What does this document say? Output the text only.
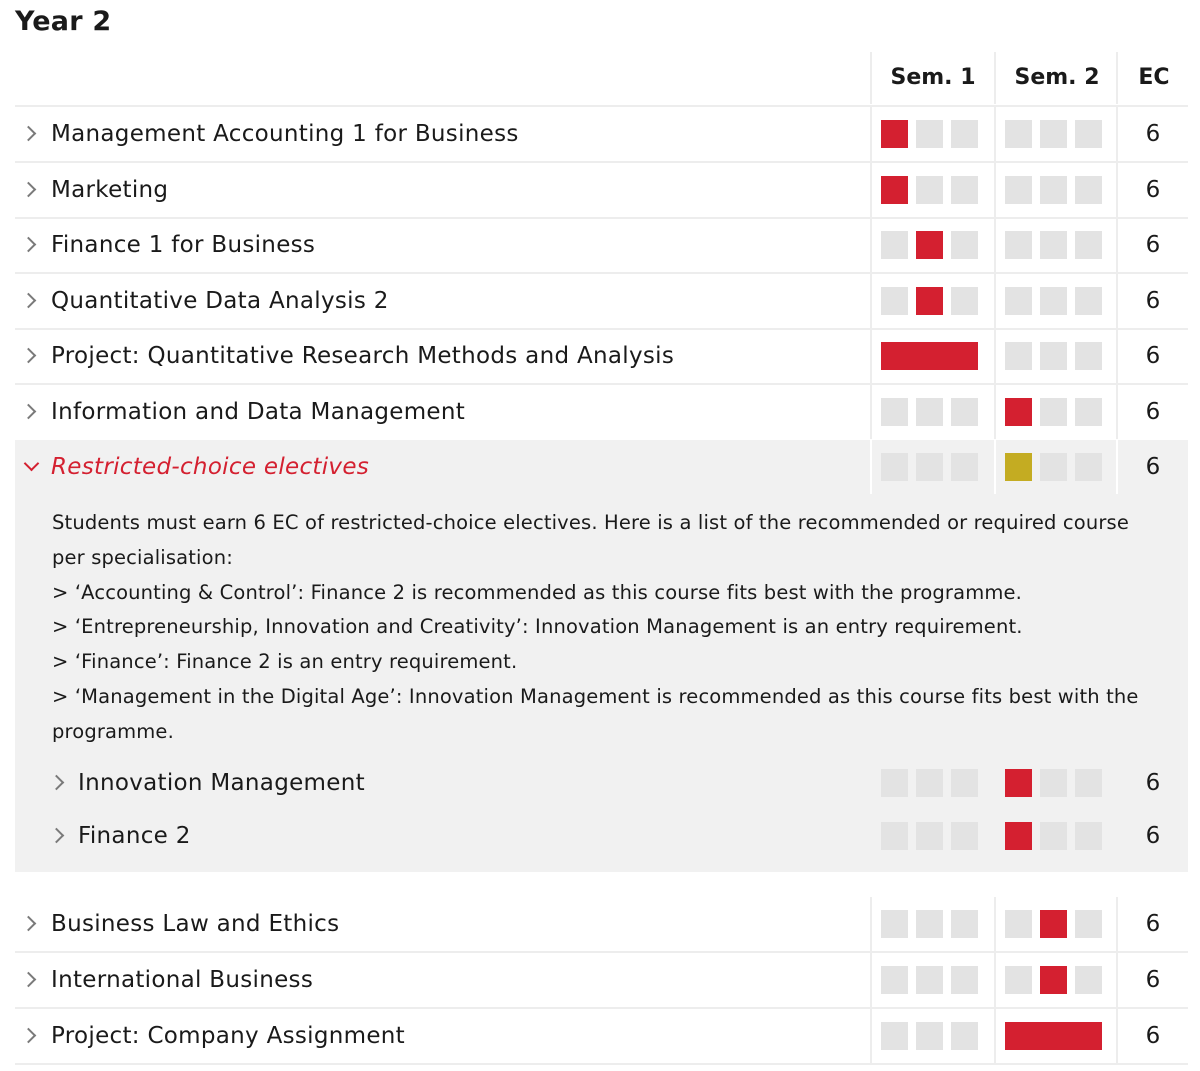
Year 2
Sem. 1	Sem. 2	EC
Management Accounting 1 for Business	6
Marketing	6
Finance 1 for Business	6
Quantitative Data Analysis 2	6
Project: Quantitative Research Methods and Analysis	6
Information and Data Management	6
Restricted-choice electives	6

Students must earn 6 EC of restricted-choice electives. Here is a list of the recommended or required course per specialisation:

> ‘Accounting & Control’: Finance 2 is recommended as this course fits best with the programme.

> ‘Entrepreneurship, Innovation and Creativity’: Innovation Management is an entry requirement.

> ‘Finance’: Finance 2 is an entry requirement.

> ‘Management in the Digital Age’: Innovation Management is recommended as this course fits best with the programme.

Innovation Management	6
Finance 2	6
Business Law and Ethics	6
International Business	6
Project: Company Assignment	6
